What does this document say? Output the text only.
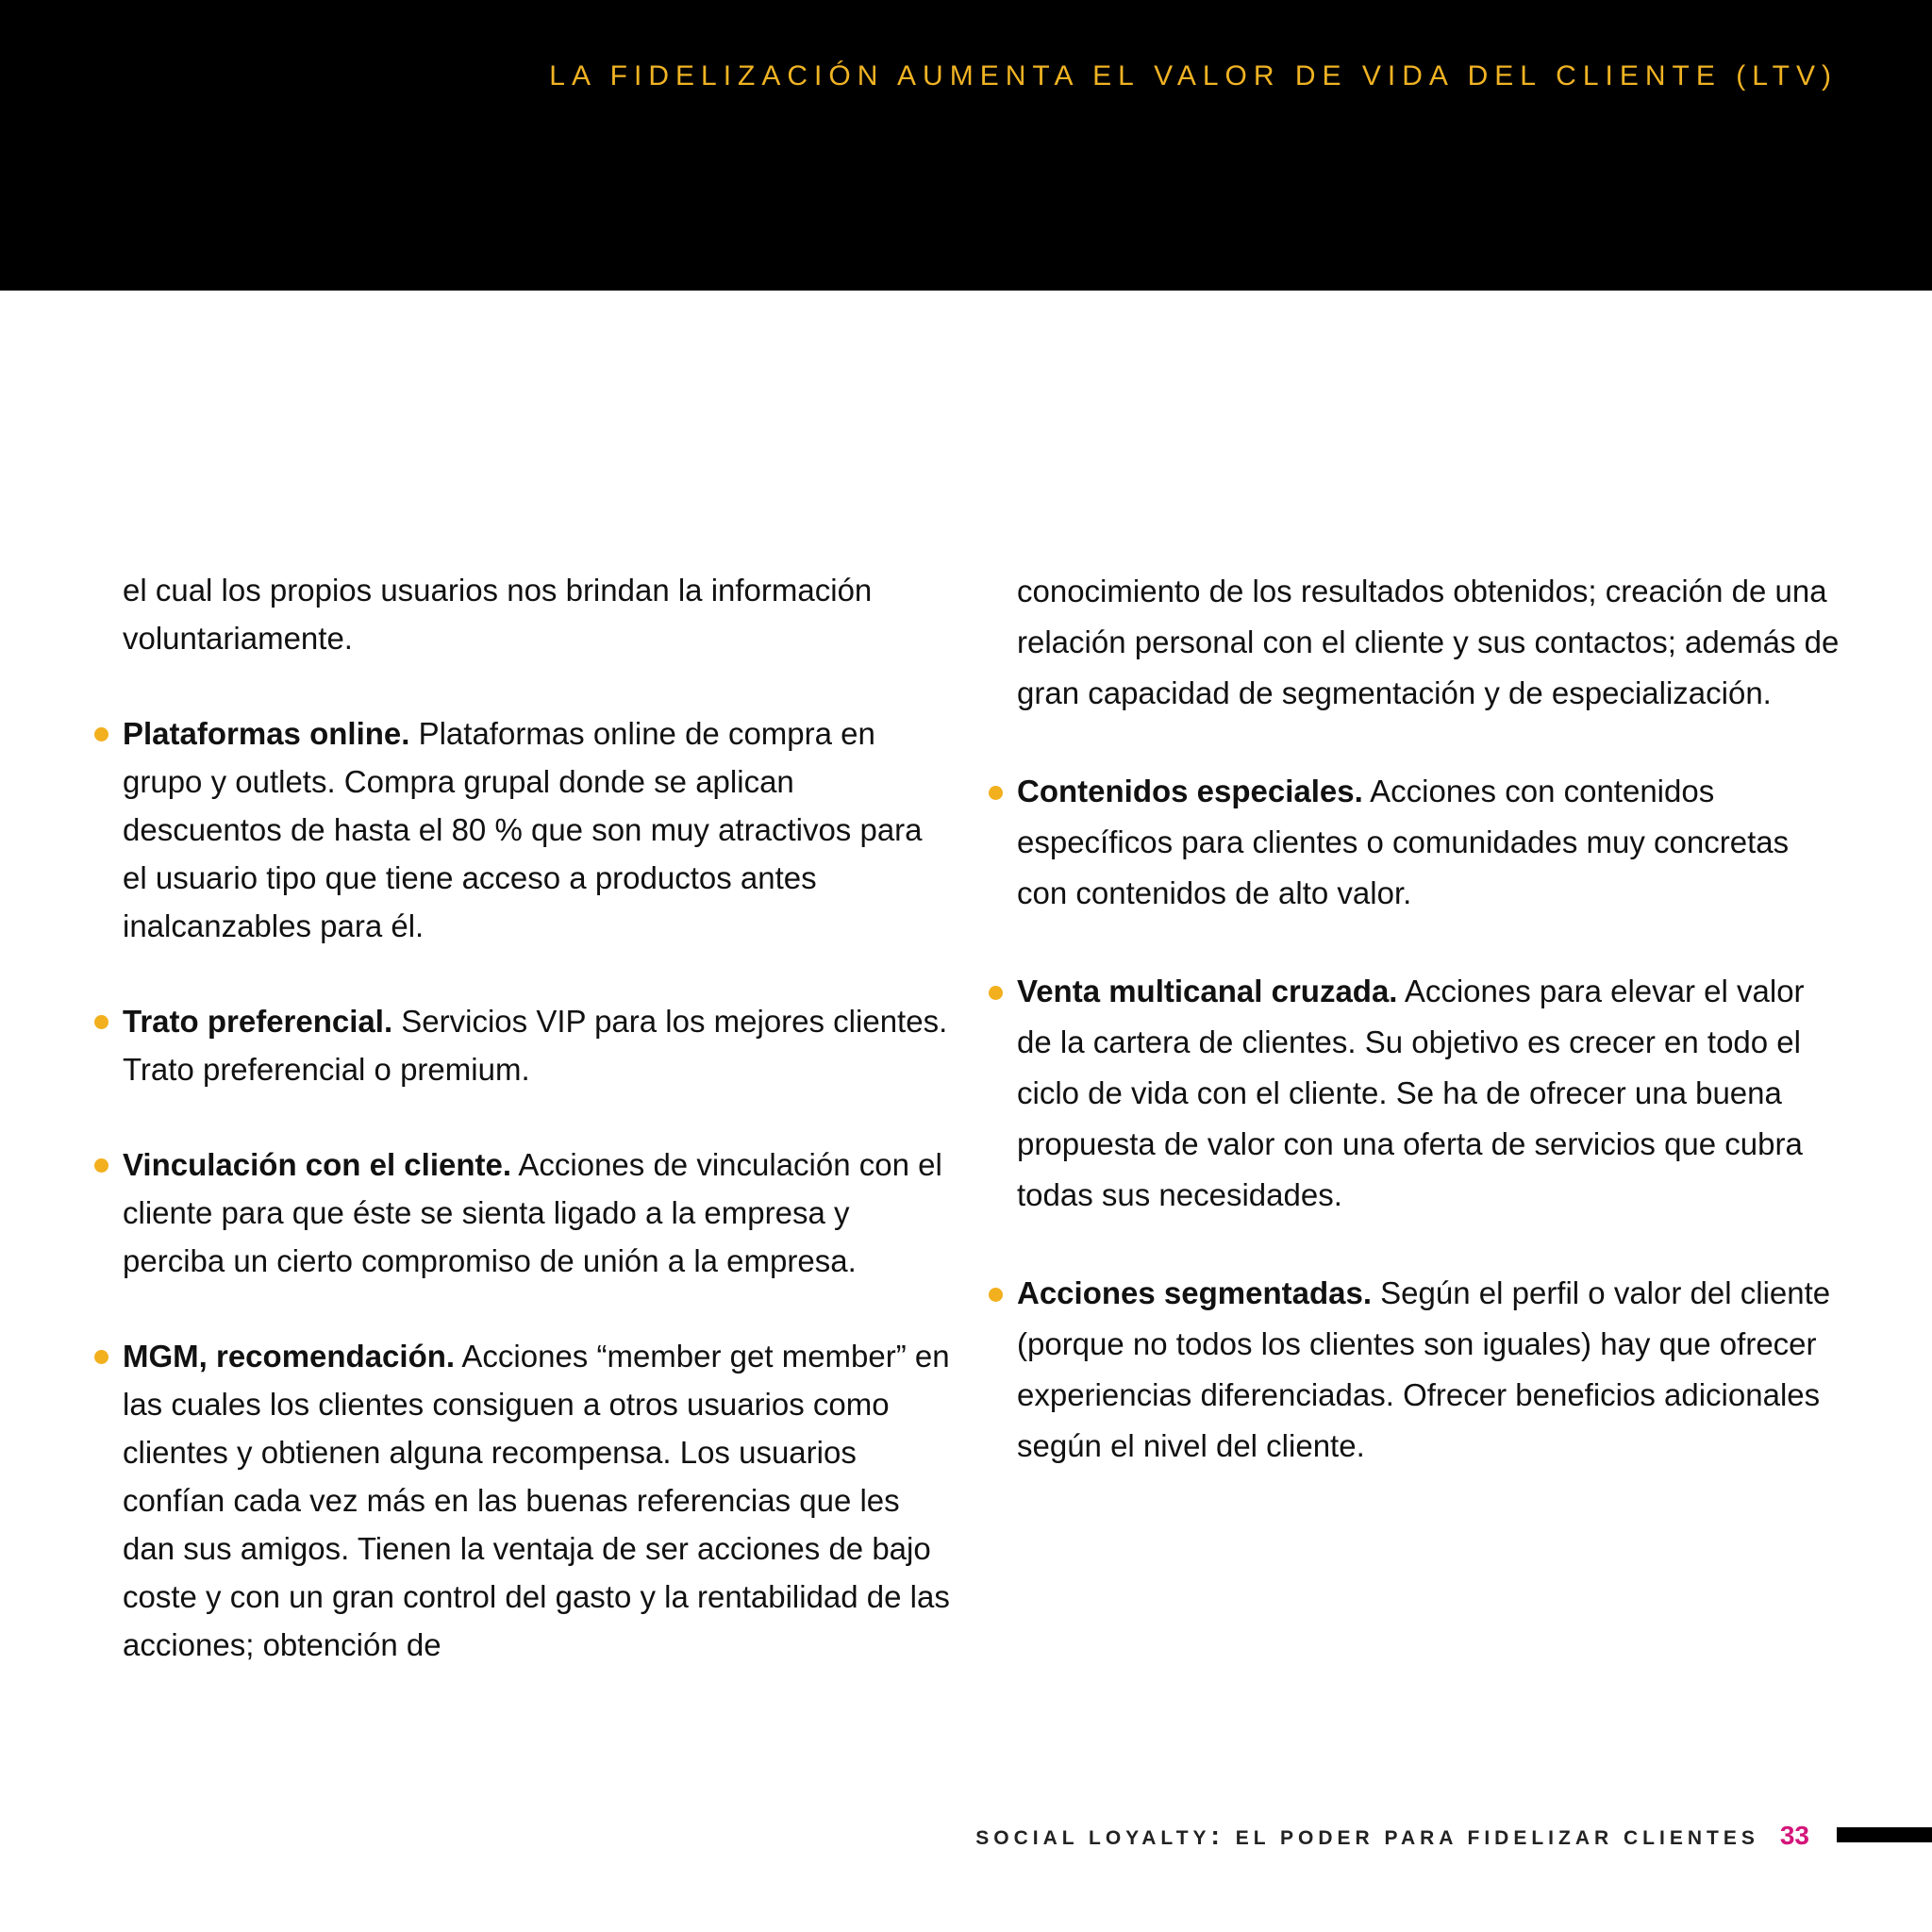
LA FIDELIZACIÓN AUMENTA EL VALOR DE VIDA DEL CLIENTE (LTV)

el cual los propios usuarios nos brindan la información voluntariamente.

Plataformas online. Plataformas online de compra en grupo y outlets. Compra grupal donde se aplican descuentos de hasta el 80 % que son muy atractivos para el usuario tipo que tiene acceso a productos antes inalcanzables para él.

Trato preferencial. Servicios VIP para los mejores clientes. Trato preferencial o premium.

Vinculación con el cliente. Acciones de vinculación con el cliente para que éste se sienta ligado a la empresa y perciba un cierto compromiso de unión a la empresa.

MGM, recomendación. Acciones “member get member” en las cuales los clientes consiguen a otros usuarios como clientes y obtienen alguna recompensa. Los usuarios confían cada vez más en las buenas referencias que les dan sus amigos. Tienen la ventaja de ser acciones de bajo coste y con un gran control del gasto y la rentabilidad de las acciones; obtención de

conocimiento de los resultados obtenidos; creación de una relación personal con el cliente y sus contactos; además de gran capacidad de segmentación y de especialización.

Contenidos especiales. Acciones con contenidos específicos para clientes o comunidades muy concretas con contenidos de alto valor.

Venta multicanal cruzada. Acciones para elevar el valor de la cartera de clientes. Su objetivo es crecer en todo el ciclo de vida con el cliente. Se ha de ofrecer una buena propuesta de valor con una oferta de servicios que cubra todas sus necesidades.

Acciones segmentadas. Según el perfil o valor del cliente (porque no todos los clientes son iguales) hay que ofrecer experiencias diferenciadas. Ofrecer beneficios adicionales según el nivel del cliente.

SOCIAL LOYALTY: EL PODER PARA FIDELIZAR CLIENTES 33
